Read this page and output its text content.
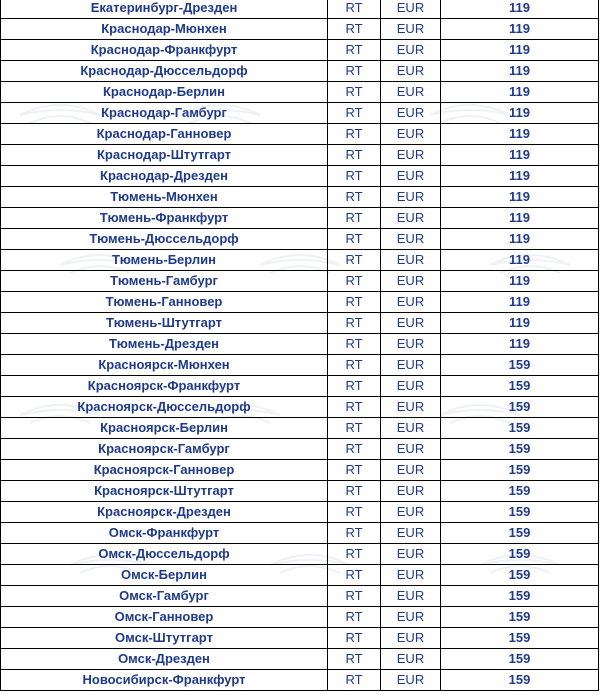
Екатеринбург-Дрезден	RT	EUR	119
Краснодар-Мюнхен	RT	EUR	119
Краснодар-Франкфурт	RT	EUR	119
Краснодар-Дюссельдорф	RT	EUR	119
Краснодар-Берлин	RT	EUR	119
Краснодар-Гамбург	RT	EUR	119
Краснодар-Ганновер	RT	EUR	119
Краснодар-Штутгарт	RT	EUR	119
Краснодар-Дрезден	RT	EUR	119
Тюмень-Мюнхен	RT	EUR	119
Тюмень-Франкфурт	RT	EUR	119
Тюмень-Дюссельдорф	RT	EUR	119
Тюмень-Берлин	RT	EUR	119
Тюмень-Гамбург	RT	EUR	119
Тюмень-Ганновер	RT	EUR	119
Тюмень-Штутгарт	RT	EUR	119
Тюмень-Дрезден	RT	EUR	119
Красноярск-Мюнхен	RT	EUR	159
Красноярск-Франкфурт	RT	EUR	159
Красноярск-Дюссельдорф	RT	EUR	159
Красноярск-Берлин	RT	EUR	159
Красноярск-Гамбург	RT	EUR	159
Красноярск-Ганновер	RT	EUR	159
Красноярск-Штутгарт	RT	EUR	159
Красноярск-Дрезден	RT	EUR	159
Омск-Франкфурт	RT	EUR	159
Омск-Дюссельдорф	RT	EUR	159
Омск-Берлин	RT	EUR	159
Омск-Гамбург	RT	EUR	159
Омск-Ганновер	RT	EUR	159
Омск-Штутгарт	RT	EUR	159
Омск-Дрезден	RT	EUR	159
Новосибирск-Франкфурт	RT	EUR	159
